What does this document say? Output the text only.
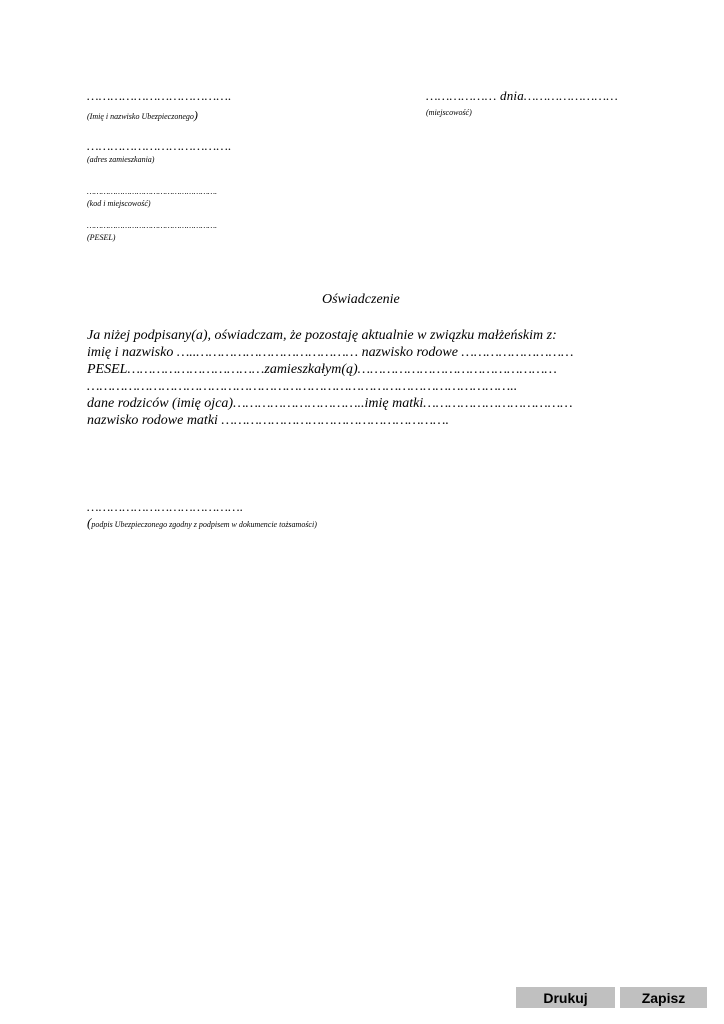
……………………………….
(Imię i nazwisko Ubezpieczonego)
……………………………….
(adres zamieszkania)
……………………………………………….
(kod i miejscowość)
……………………………………………….
(PESEL)
……………… dnia……………………
(miejscowość)
Oświadczenie
Ja niżej podpisany(a), oświadczam, że pozostaję aktualnie w związku małżeńskim z:
imię i nazwisko …..………………………………… nazwisko rodowe ………………………
PESEL……………………………zamieszkałym(ą)…………………………………………
…………………………………………………………………………………………..
dane rodziców (imię ojca)…………………………..imię matki………………………………
nazwisko rodowe matki ……………………………………………….
………………………………….
(podpis Ubezpieczonego zgodny z podpisem w dokumencie tożsamości)
Drukuj	Zapisz
